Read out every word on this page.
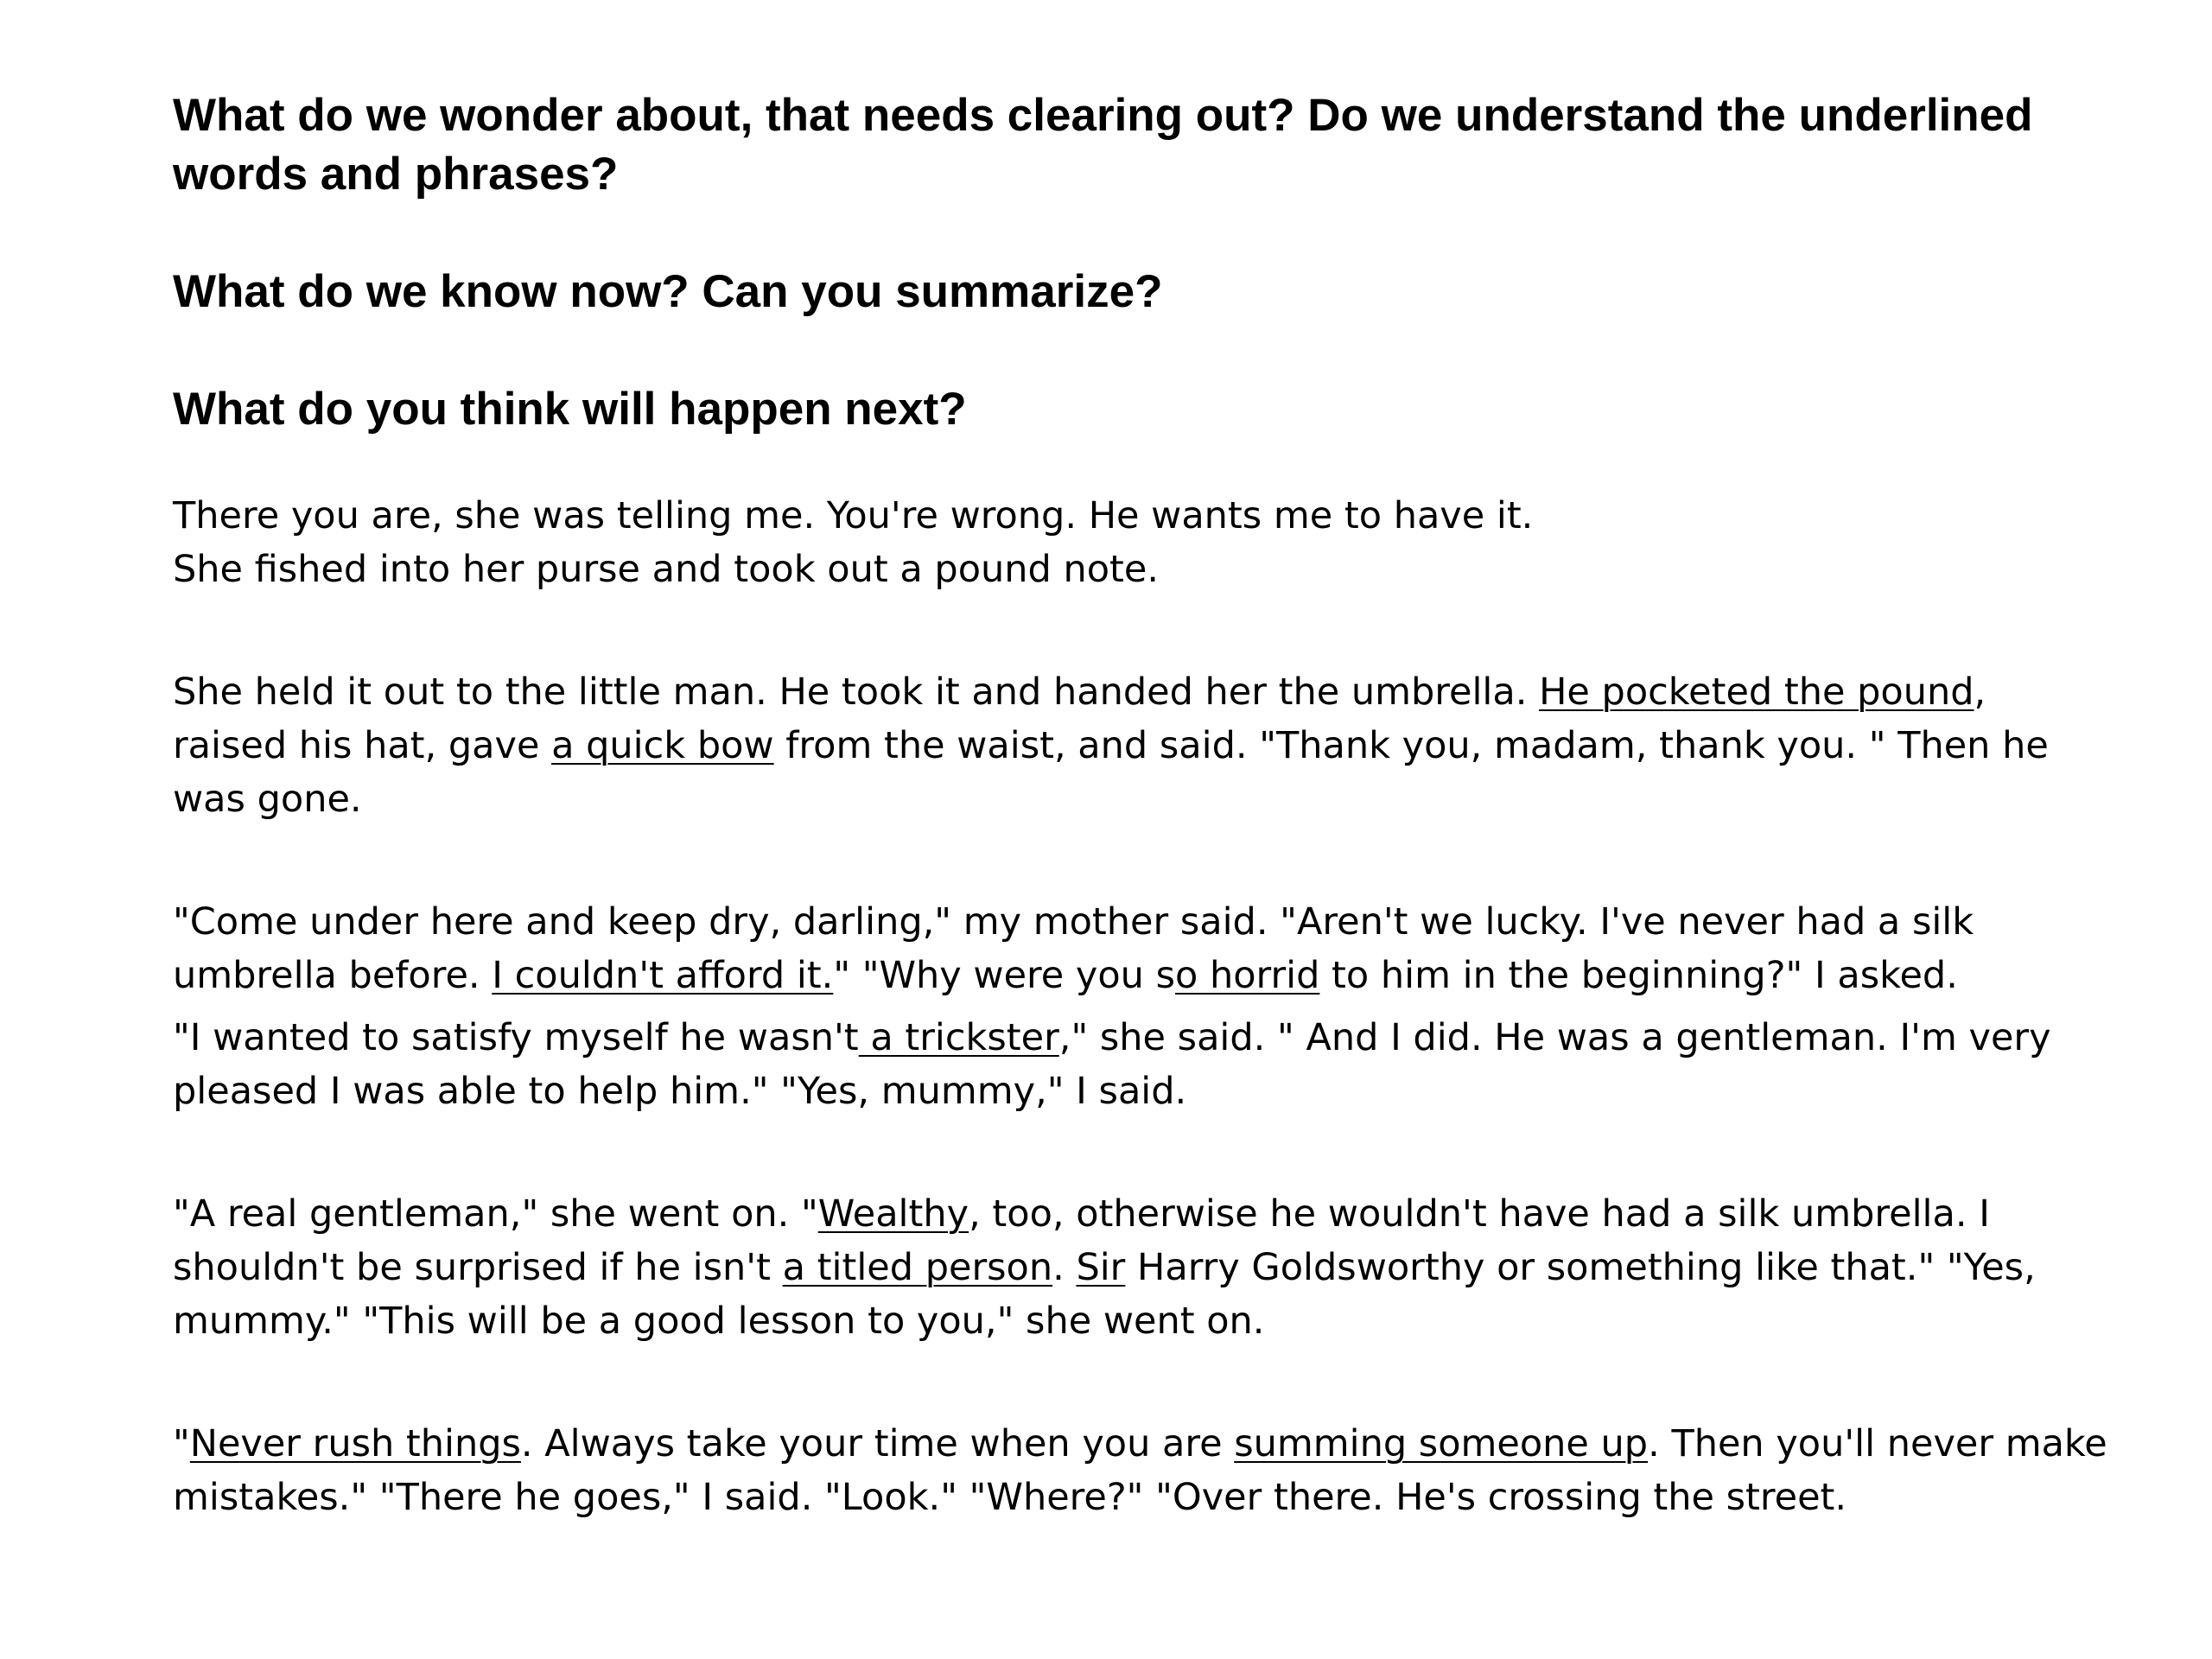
What do we wonder about, that needs clearing out? Do we understand the underlined words and phrases?

What do we know now? Can you summarize?

What do you think will happen next?

There you are, she was telling me. You're wrong. He wants me to have it.

She fished into her purse and took out a pound note.

She held it out to the little man. He took it and handed her the umbrella. He pocketed the pound, raised his hat, gave a quick bow from the waist, and said. "Thank you, madam, thank you. " Then he was gone.

"Come under here and keep dry, darling," my mother said. "Aren't we lucky. I've never had a silk umbrella before. I couldn't afford it." "Why were you so horrid to him in the beginning?" I asked.

"I wanted to satisfy myself he wasn't a trickster," she said. " And I did. He was a gentleman. I'm very pleased I was able to help him." "Yes, mummy," I said.

"A real gentleman," she went on. "Wealthy, too, otherwise he wouldn't have had a silk umbrella. I shouldn't be surprised if he isn't a titled person. Sir Harry Goldsworthy or something like that." "Yes, mummy." "This will be a good lesson to you," she went on.

"Never rush things. Always take your time when you are summing someone up. Then you'll never make mistakes." "There he goes," I said. "Look." "Where?" "Over there. He's crossing the street.
